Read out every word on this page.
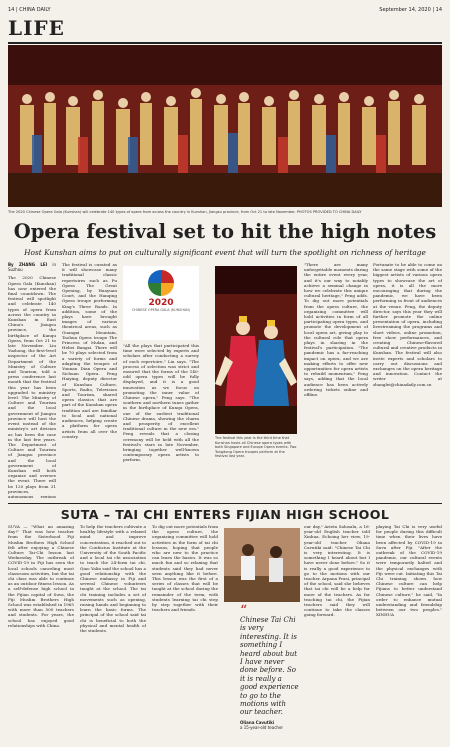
14 | CHINA DAILY	September 14, 2020 | 14
LIFE
The 2020 Chinese Opera Gala (Kunshan) will celebrate 140 types of opera from across the country in Kunshan, Jiangsu province, from Oct 21 to late November. PHOTOS PROVIDED TO CHINA DAILY
Opera festival set to hit the high notes
Host Kunshan aims to put on culturally significant event that will turn the spotlight on richness of heritage
By ZHANG LEI in Suzhou
The 2020 Chinese Opera Gala (Kunshan) has now entered the final countdown. The festival will spotlight and celebrate 140 types of opera from across the country in Kunshan in East China's Jiangsu province, the birthplace of Kunqu Opera, from Oct 21 to late November. Liu Yuzhong, the first-level inspector of the Art Department of the Ministry of Culture and Tourism, told a press conference last month that the festival this year has been upgraded to ministry level. The Ministry of Culture and Tourism and the local government of Jiangsu province will host the event instead of the ministry's art division as has been the case in the last few years. The Department of Culture and Tourism of Jiangsu province and the local government of Kunshan will both organize and oversee the event. There will be 120 plays from 31 provinces, autonomous regions
The festival is curated as it will showcase many traditional classic repertoires such as Pu Opera The Great Opening, by Huayuan Court, and the Hanqing Opera troupe performing King's Three Roads. In addition, some of the plays have brought images of various theatrical areas, such as Guangxi Mountain, Taohua Opera troupe The Princess of Mulan, and Hebei Bangzi. There will be 70 plays selected from a variety of forms and adapting the troupes of Yunnan Dian Opera and Sichuan Opera. Peng Haiying, deputy director of Kunshan Culture, Sports, Radio, Television and Tourism, shared opera classics that are part of the Kunshan opera tradition and are familiar to local and national audiences, helping create a platform for opera artists from all over the country.
2020
CHINESE OPERA GALA (KUNSHAN)
"All the plays that participated this time were selected by experts and scholars after conducting a survey of each repertoire," Liu says. "The process of selection was strict and ensured that the forms of the 140-odd opera types will be fully displayed, and it is a good innovation as we focus on promoting the inner value of Chinese opera," Peng says. "The southern and northern tunes gather in the birthplace of Kunqu Opera, one of the earliest traditional Chinese drama, showing the charm and prosperity of excellent traditional culture in the new era." Peng reveals that a closing ceremony will be held with all the festival's stars in late November, bringing together well-known contemporary opera artists to perform.
The festival this year is the third time that Kunshan hosts all Chinese opera types with both Singapore and Europe Opera events. Two Tongdong Opera troupes perform at the festival last year.
"There are many unforgettable moments during the entire event every year, and it's our way to notably achieve a seminal change in how we celebrate this unique cultural heritage," Peng adds. To dig out more potentials from the opera culture, the organizing committee will hold activities in form of all participating opera types, and promote the development of local opera art, giving play to the cultural role that opera plays in sharing in the festival's participation. "The pandemic has a far-reaching impact on opera, and we are making efforts to offer new opportunities for opera artists to rebuild momentum," Peng says, adding that the local audience has been actively ordering tickets online and offline.
Fortunate to be able to come on the same stage with some of the biggest artists of various opera types to showcase the art of opera, it is all the more encouraging that during the pandemic, we have been performing in front of audiences at the venue. Feng, the deputy director, says this year they will further promote the online presentation of opera, including livestreaming the programs and short videos, online promotion, free show performances, and creating Chinese-flavored cultural and creative products in Kunshan. The festival will also invite experts and scholars to carry out discussions and exchanges on the opera heritage and innovation. Contact the writer at zhanglei@chinadaily.com.cn
SUTA – TAI CHI ENTERS FIJIAN HIGH SCHOOL
SUVA — "What an amazing day!" That was how teacher from the Sisterhood Fiji Muslim Brothers High School felt after enjoying a Chinese Culture Tai-Chi lesson last Wednesday. The outbreak of COVID-19 in Fiji has seen the local schools canceling most classroom activities, but the tai chi class was able to continue as an outdoor fitness lesson. As a self-defense high school in the Fijian capital of Suva, the Fiji Muslim Brothers High School was established in 1965 with more than 500 teachers and students. For years, the school has enjoyed good relationships with China.
To help the teachers cultivate a healthy lifestyle with a relaxed mind and improve concentration, it reached out to the Confucius Institute at the University of the South Pacific and a local tai chi association to teach the 24-form tai chi. Qiao Yalin said the school has a good relationship with the Chinese embassy in Fiji and several Chinese volunteers taught at the school. The tai chi training includes a set of movements such as opening, raising hands and beginning to learn the basic forms. The principal of the school said tai chi is beneficial to both the physical and mental health of the students.
To dig out more potentials from the opera culture, the organizing committee will hold activities in the form of tai chi lessons, hoping that people who are new to the practice can learn the basics. It was so much fun and so relaxing that students said they had never seen anything like it before. This lesson was the first of a series of classes that will be taught at the school during the remainder of the term, with students learning tai chi step by step together with their teachers and friends.	“
Chinese Tai Chi is very interesting. It is something I heard about but I have never done before. So it is really a good experience to go to the motions with our teacher.
Oliana Cavutiki
a 15-year-old teacher
our day," Arieta Salusalu, a 16-year-old English teacher told Xinhua. Echoing her view, 19-year-old teacher Oliana Cavutiki said: "Chinese Tai Chi is very interesting. It is something I heard about but I have never done before." So it is really a good experience to go to the motions with our teacher. Arpana Prasi, principal of the school, said she believes that tai chi will be a help for more of the teachers. As for teaching tai chi, the Fijian teachers said they will continue to take the classes going forward.
playing Tai Chi is very useful for people during this difficult time when their lives have been affected by COVID-19 in Suva after Fiji. "After the outbreak of the COVID-19 pandemic, our cultural events were temporarily halted and the physical exchanges with Fiji were cut. Initiating this Tai Chi training shows how Chinese culture can help Fijians to better understand Chinese culture," he said, "In order to enhance mutual understanding and friendship between our two peoples." XINHUA
